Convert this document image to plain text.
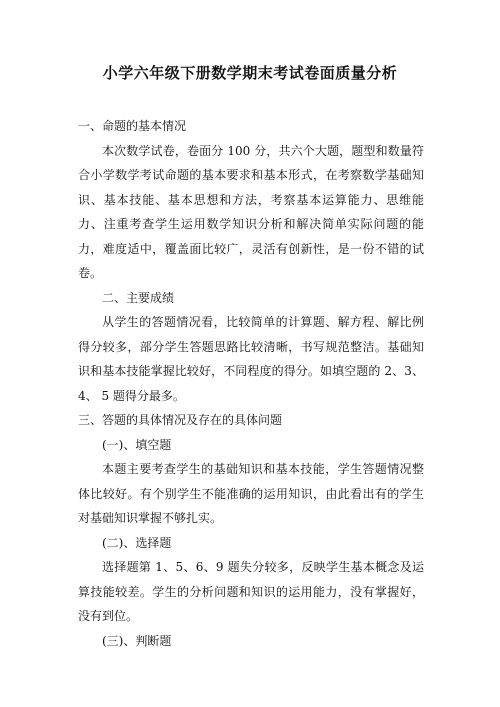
小学六年级下册数学期末考试卷面质量分析

一、命题的基本情况

本次数学试卷，卷面分 100 分，共六个大题，题型和数量符合小学数学考试命题的基本要求和基本形式，在考察数学基础知识、基本技能、基本思想和方法，考察基本运算能力、思维能力、注重考查学生运用数学知识分析和解决简单实际问题的能力，难度适中，覆盖面比较广，灵活有创新性，是一份不错的试卷。

二、主要成绩

从学生的答题情况看，比较简单的计算题、解方程、解比例得分较多，部分学生答题思路比较清晰，书写规范整洁。基础知识和基本技能掌握比较好，不同程度的得分。如填空题的 2、3、4、 5 题得分最多。

三、答题的具体情况及存在的具体问题

(一)、填空题

本题主要考查学生的基础知识和基本技能，学生答题情况整体比较好。有个别学生不能准确的运用知识，由此看出有的学生对基础知识掌握不够扎实。

(二)、选择题

选择题第 1、5、6、9 题失分较多，反映学生基本概念及运算技能较差。学生的分析问题和知识的运用能力，没有掌握好，没有到位。

(三)、判断题
